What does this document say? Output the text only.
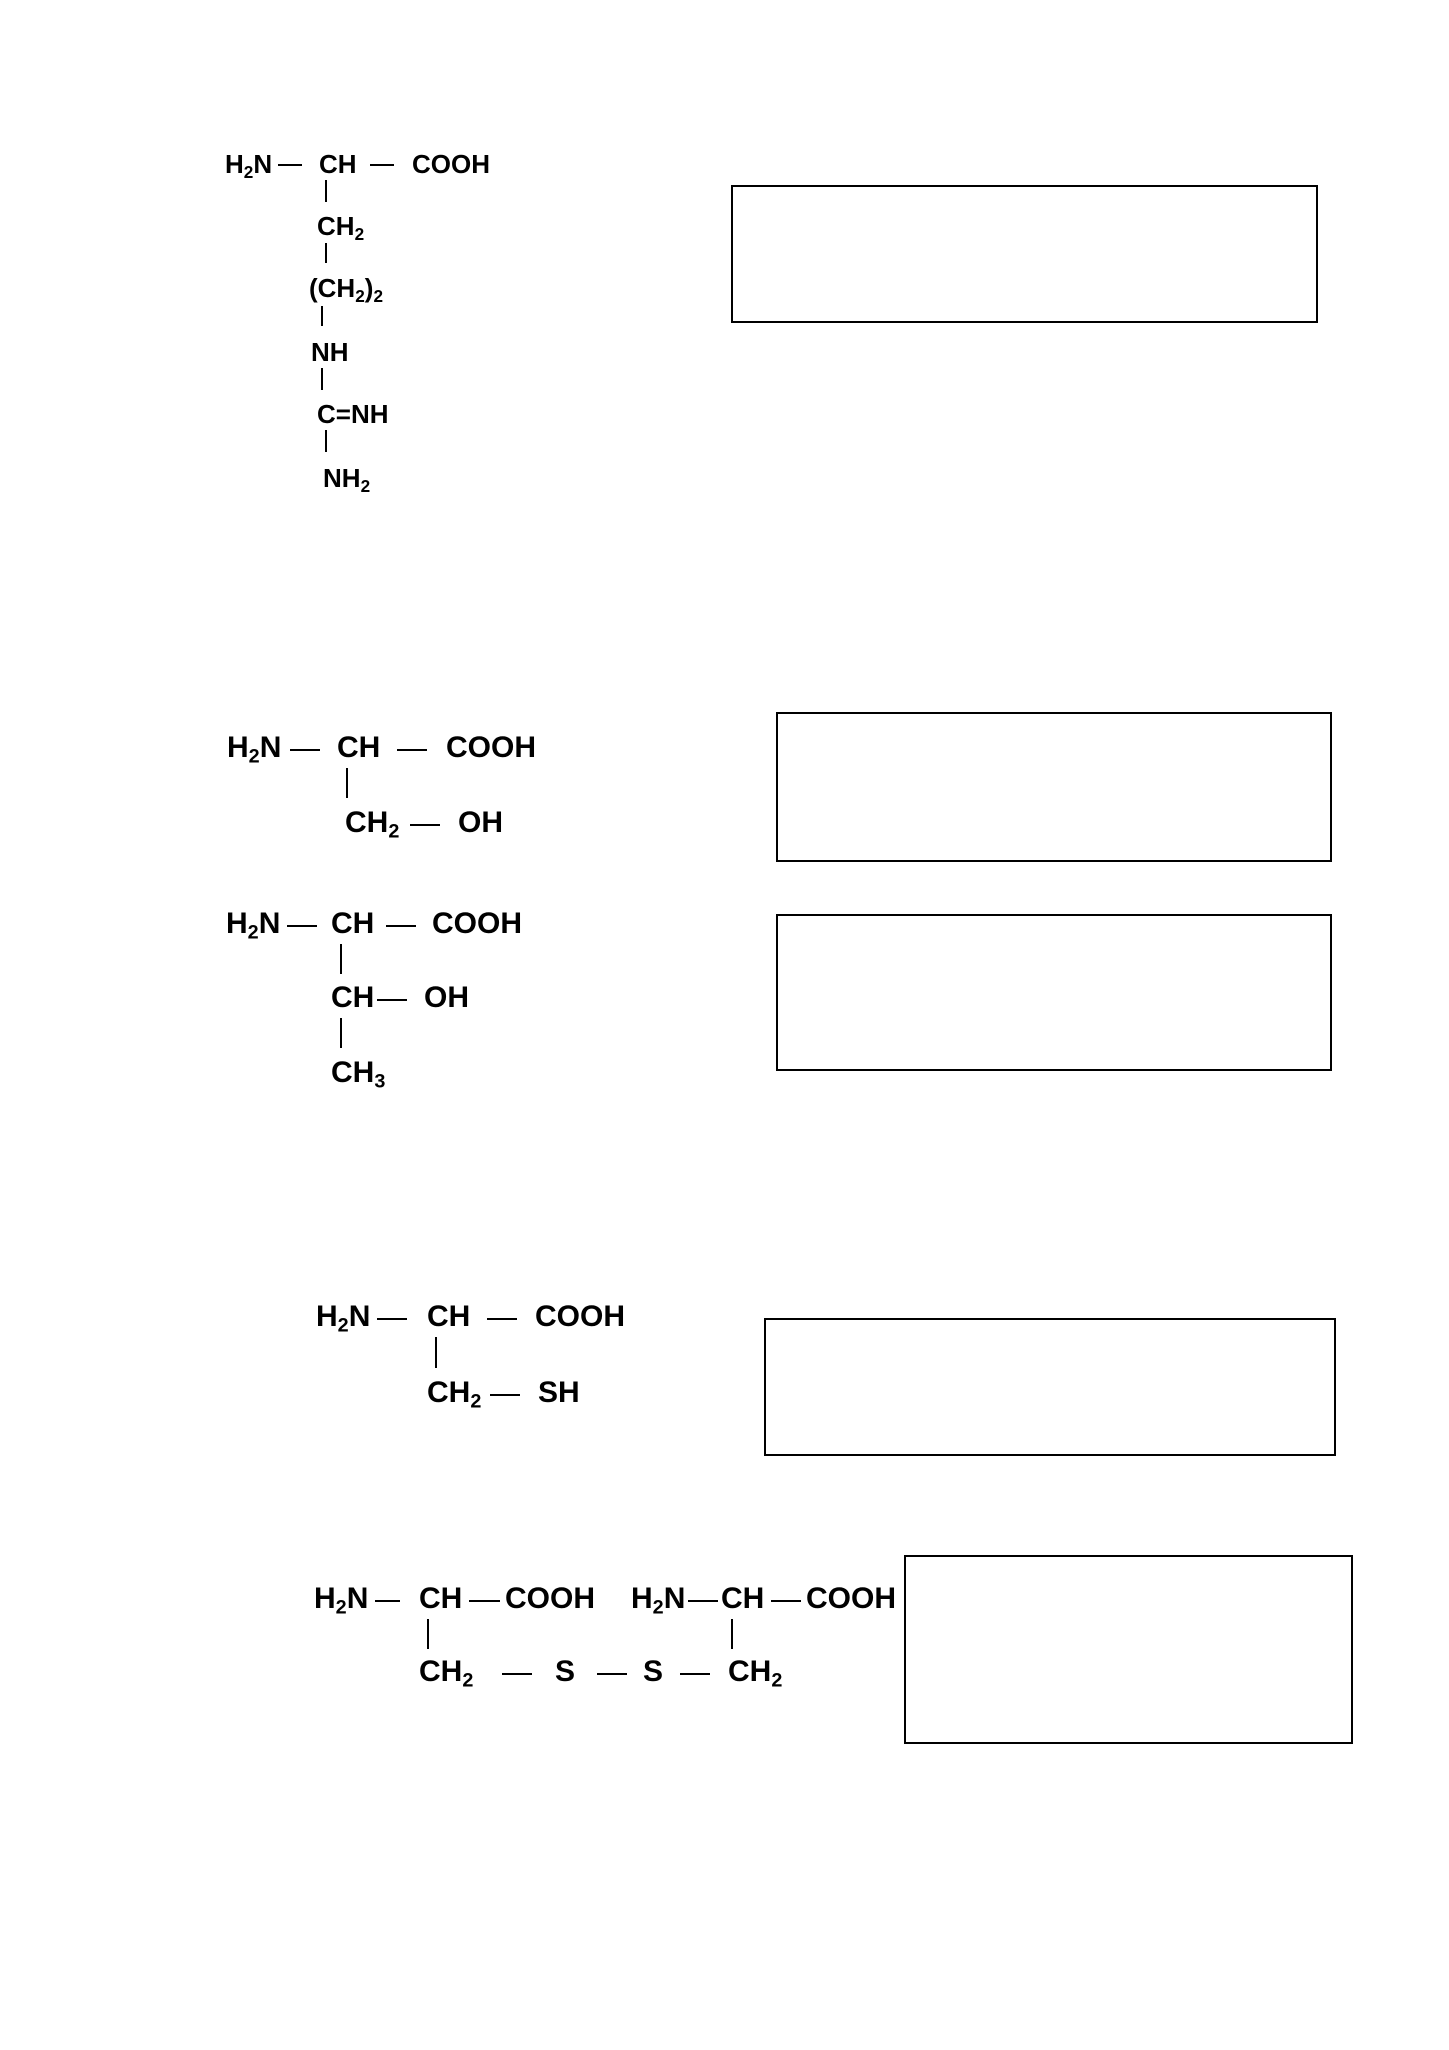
$H_2N$ CH COOH
$CH_2$
$(CH_2)_2$
NH
C=NH
$NH_2$
$H_2N$ CH COOH
$CH_2$ OH
$H_2N$ CH COOH
CH OH
$CH_3$
$H_2N$ CH COOH
$CH_2$ SH
$H_2N$ CH COOH $H_2N$ CH COOH
$CH_2$	S S $CH_2$
